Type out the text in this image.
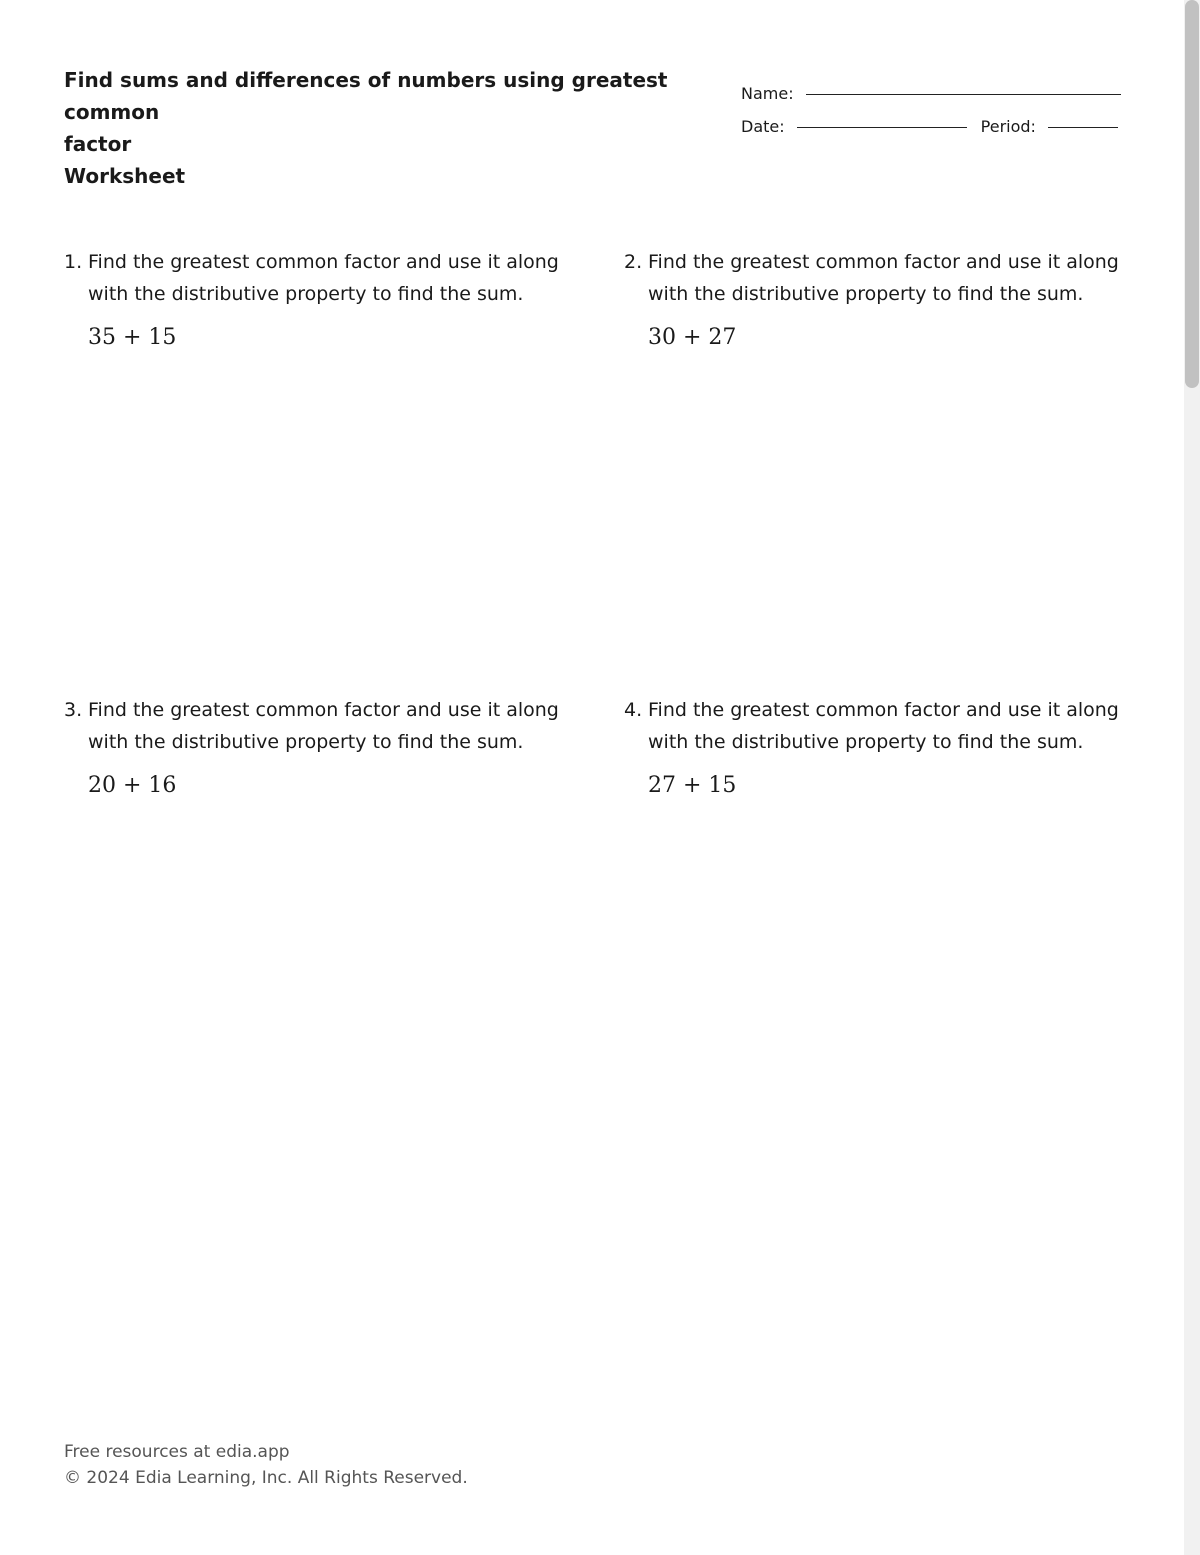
Find sums and differences of numbers using greatest common
factor
Worksheet
Name:
Date:	Period:
1. Find the greatest common factor and use it along
with the distributive property to find the sum.
35 + 15
2. Find the greatest common factor and use it along
with the distributive property to find the sum.
30 + 27
3. Find the greatest common factor and use it along
with the distributive property to find the sum.
20 + 16
4. Find the greatest common factor and use it along
with the distributive property to find the sum.
27 + 15
Free resources at edia.app
© 2024 Edia Learning, Inc. All Rights Reserved.
